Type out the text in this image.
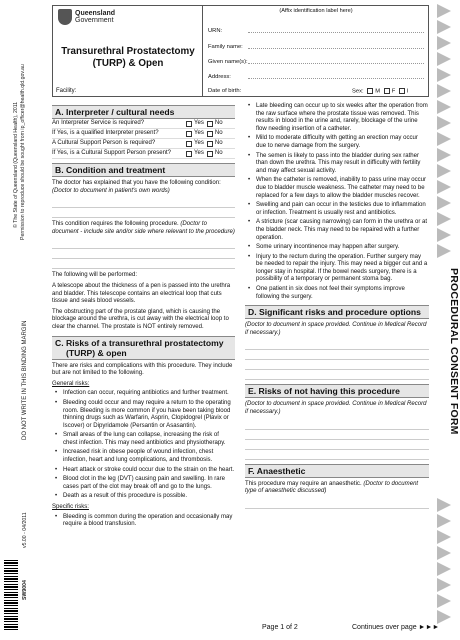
© The State of Queensland (Queensland Health), 2011 Permission to reproduce should be sought from ip_officer@health.qld.gov.au
DO NOT WRITE IN THIS BINDING MARGIN
v5.00 - 04/2011
SW9004
PROCEDURAL CONSENT FORM
Queensland
Government
Transurethral Prostatectomy
(TURP) & Open
Facility:
(Affix identification label here)
URN:
Family name:
Given name(s):
Address:
Date of birth:	Sex: M F I
A. Interpreter / cultural needs
An Interpreter Service is required?	Yes No
If Yes, is a qualified Interpreter present?	Yes No
A Cultural Support Person is required?	Yes No
If Yes, is a Cultural Support Person present?	Yes No
B. Condition and treatment
The doctor has explained that you have the following condition: (Doctor to document in patient's own words)
This condition requires the following procedure. (Doctor to document - include site and/or side where relevant to the procedure)
The following will be performed:
A telescope about the thickness of a pen is passed into the urethra and bladder. This telescope contains an electrical loop that cuts tissue and seals blood vessels.
The obstructing part of the prostate gland, which is causing the blockage around the urethra, is cut away with the electrical loop to clear the channel. The prostate is NOT entirely removed.
C. Risks of a transurethral prostatectomy
(TURP) & open
There are risks and complications with this procedure. They include but are not limited to the following.
General risks:
• Infection can occur, requiring antibiotics and further treatment.
• Bleeding could occur and may require a return to the operating room. Bleeding is more common if you have been taking blood thinning drugs such as Warfarin, Asprin, Clopidogrel (Plavix or Iscover) or Dipyridamole (Persantin or Asasantin).
• Small areas of the lung can collapse, increasing the risk of chest infection. This may need antibiotics and physiotherapy.
• Increased risk in obese people of wound infection, chest infection, heart and lung complications, and thrombosis.
• Heart attack or stroke could occur due to the strain on the heart.
• Blood clot in the leg (DVT) causing pain and swelling. In rare cases part of the clot may break off and go to the lungs.
• Death as a result of this procedure is possible.
Specific risks:
• Bleeding is common during the operation and occasionally may require a blood transfusion.
• Late bleeding can occur up to six weeks after the operation from the raw surface where the prostate tissue was removed. This results in blood in the urine and, rarely, blockage of the urine flow needing insertion of a catheter.
• Mild to moderate difficulty with getting an erection may occur due to nerve damage from the surgery.
• The semen is likely to pass into the bladder during sex rather than down the urethra. This may result in difficulty with fertility and may affect sexual activity.
• When the catheter is removed, inability to pass urine may occur due to bladder muscle weakness. The catheter may need to be replaced for a few days to allow the bladder muscles recover.
• Swelling and pain can occur in the testicles due to inflammation or infection. Treatment is usually rest and antibiotics.
• A stricture (scar causing narrowing) can form in the urethra or at the bladder neck. This may need to be repaired with a further operation.
• Some urinary incontinence may happen after surgery.
• Injury to the rectum during the operation. Further surgery may be needed to repair the injury. This may need a bigger cut and a longer stay in hospital. If the bowel needs surgery, there is a possibility of a temporary or permanent stoma bag.
• One patient in six does not feel their symptoms improve following the surgery.
D. Significant risks and procedure options
(Doctor to document in space provided. Continue in Medical Record if necessary.)
E. Risks of not having this procedure
(Doctor to document in space provided. Continue in Medical Record if necessary.)
F. Anaesthetic
This procedure may require an anaesthetic. (Doctor to document type of anaesthetic discussed)
Page 1 of 2	Continues over page ►►►
